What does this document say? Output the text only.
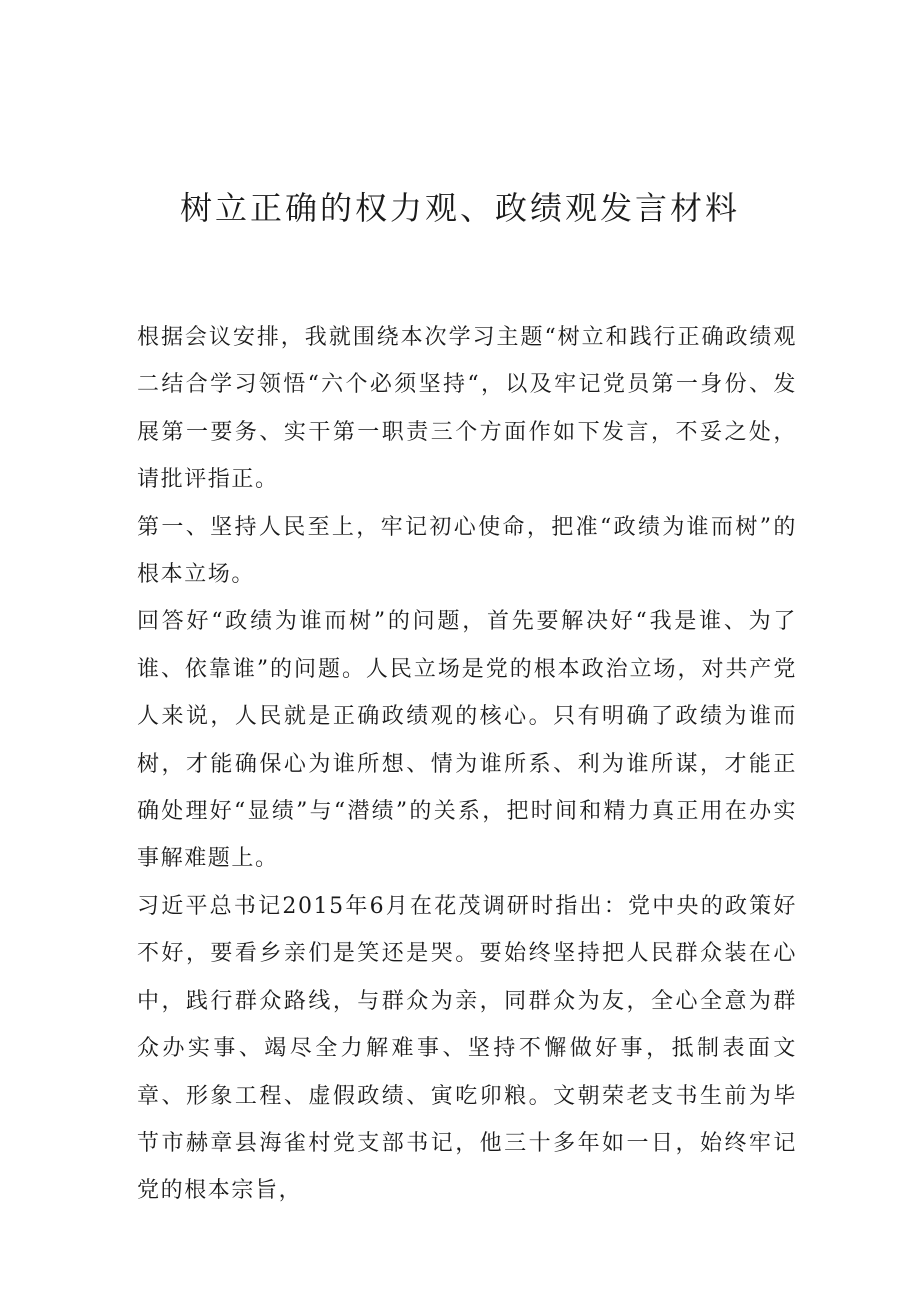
树立正确的权力观、政绩观发言材料

根据会议安排，我就围绕本次学习主题“树立和践行正确政绩观二结合学习领悟“六个必须坚持“，以及牢记党员第一身份、发展第一要务、实干第一职责三个方面作如下发言，不妥之处，请批评指正。

第一、坚持人民至上，牢记初心使命，把准“政绩为谁而树”的根本立场。

回答好“政绩为谁而树”的问题，首先要解决好“我是谁、为了谁、依靠谁”的问题。人民立场是党的根本政治立场，对共产党人来说，人民就是正确政绩观的核心。只有明确了政绩为谁而树，才能确保心为谁所想、情为谁所系、利为谁所谋，才能正确处理好“显绩”与“潜绩”的关系，把时间和精力真正用在办实事解难题上。

习近平总书记2015年6月在花茂调研时指出：党中央的政策好不好，要看乡亲们是笑还是哭。要始终坚持把人民群众装在心中，践行群众路线，与群众为亲，同群众为友，全心全意为群众办实事、竭尽全力解难事、坚持不懈做好事，抵制表面文章、形象工程、虚假政绩、寅吃卯粮。文朝荣老支书生前为毕节市赫章县海雀村党支部书记，他三十多年如一日，始终牢记党的根本宗旨，
